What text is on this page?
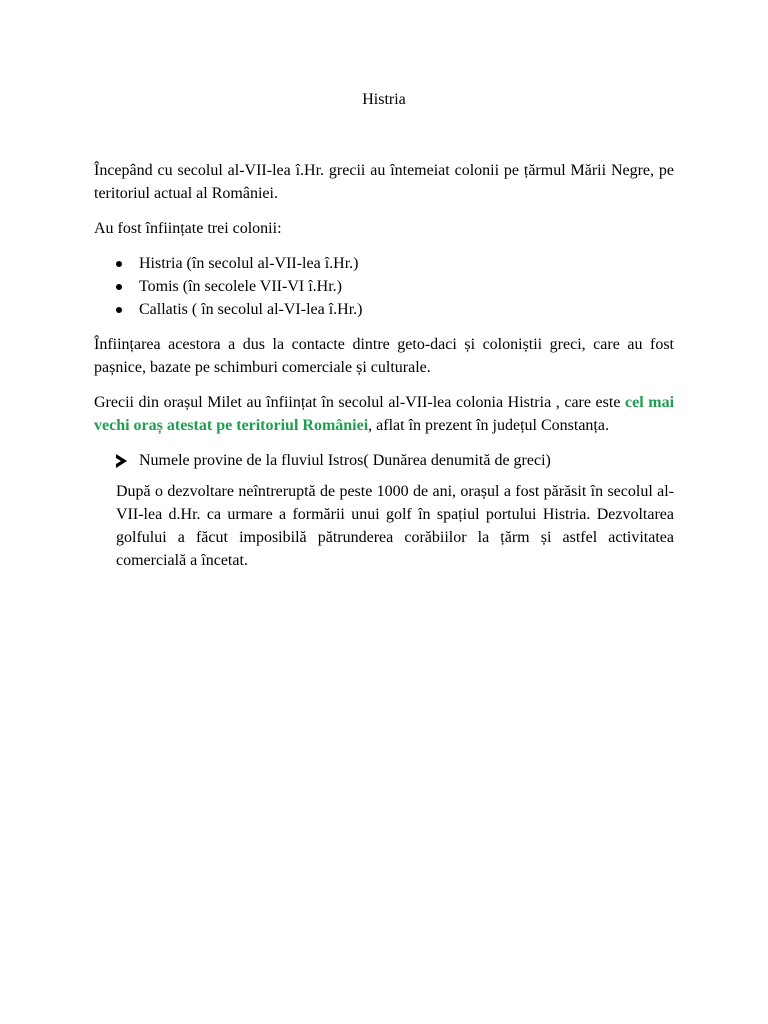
Histria

Începând cu secolul al-VII-lea î.Hr. grecii au întemeiat colonii pe țărmul Mării Negre, pe teritoriul actual al României.

Au fost înființate trei colonii:

Histria (în secolul al-VII-lea î.Hr.)
Tomis (în secolele VII-VI î.Hr.)
Callatis ( în secolul al-VI-lea î.Hr.)

Înființarea acestora a dus la contacte dintre geto-daci și coloniștii greci, care au fost pașnice, bazate pe schimburi comerciale și culturale.

Grecii din orașul Milet au înființat în secolul al-VII-lea colonia Histria , care este cel mai vechi oraș atestat pe teritoriul României, aflat în prezent în județul Constanța.

Numele provine de la fluviul Istros( Dunărea denumită de greci)

După o dezvoltare neîntreruptă de peste 1000 de ani, orașul a fost părăsit în secolul al-VII-lea d.Hr. ca urmare a formării unui golf în spațiul portului Histria. Dezvoltarea golfului a făcut imposibilă pătrunderea corăbiilor la țărm și astfel activitatea comercială a încetat.
